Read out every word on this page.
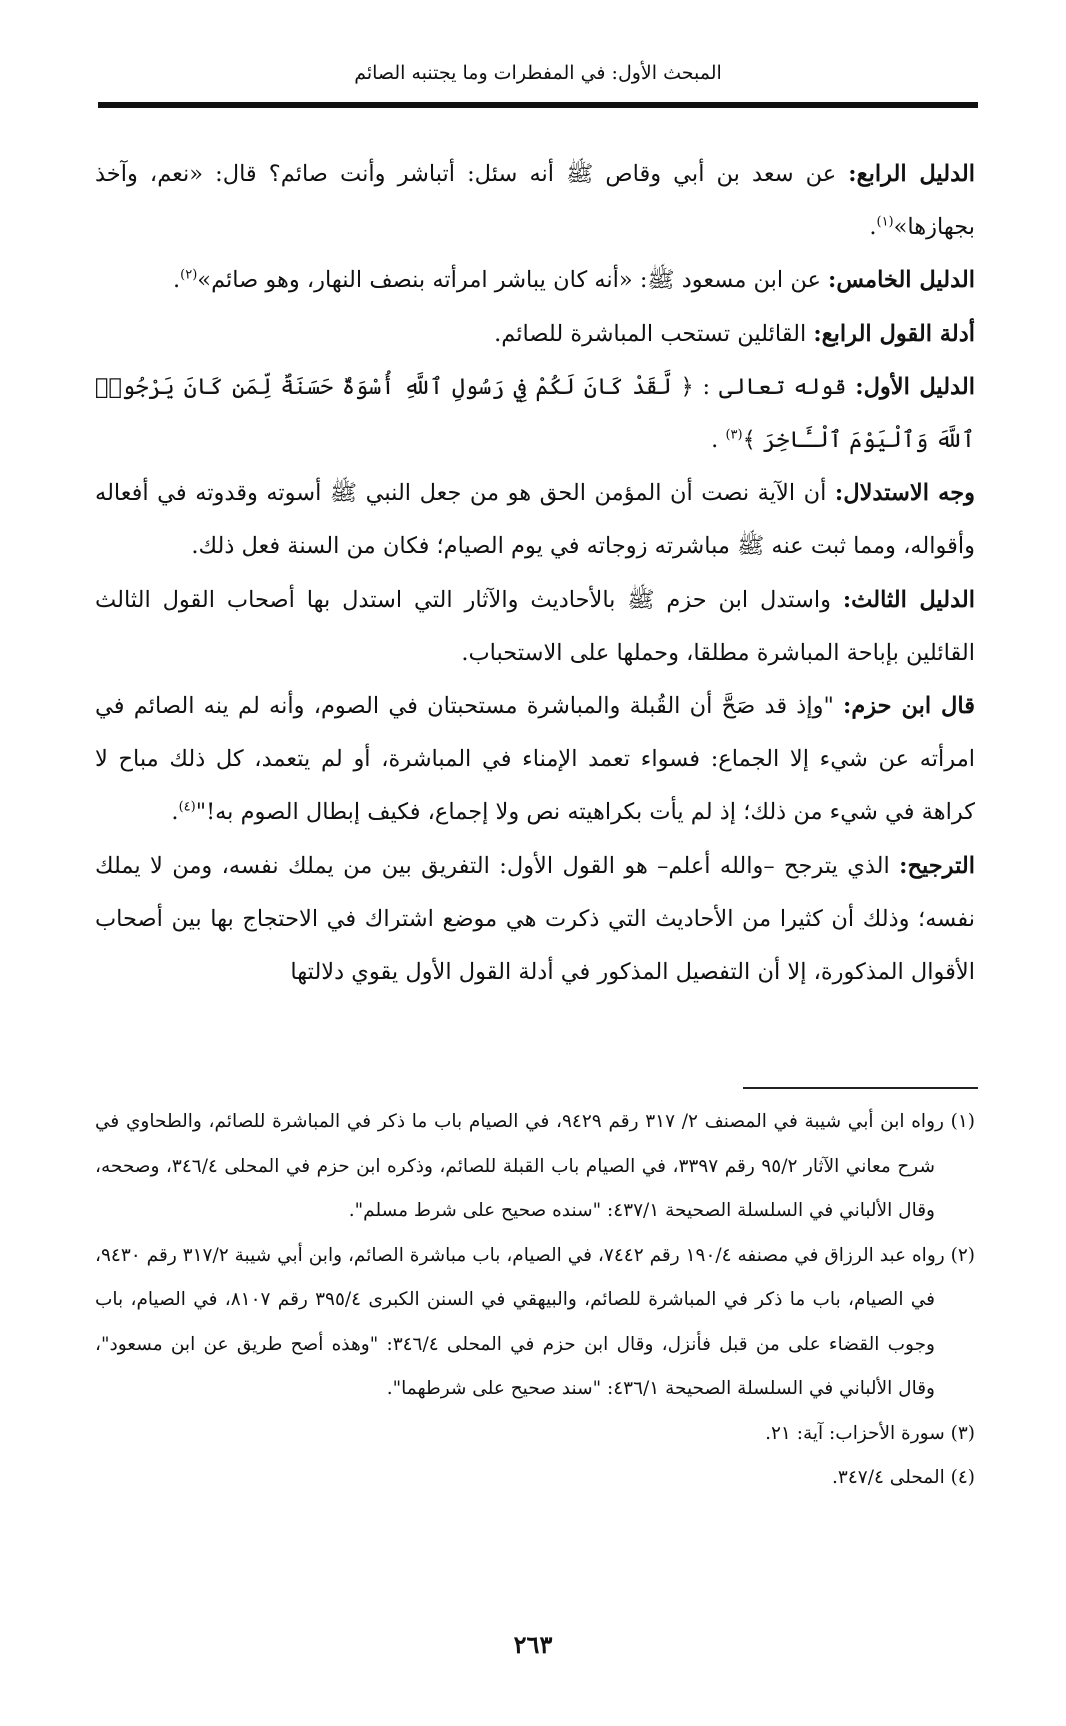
المبحث الأول: في المفطرات وما يجتنبه الصائم

الدليل الرابع: عن سعد بن أبي وقاص ﷺ أنه سئل: أتباشر وأنت صائم؟ قال: «نعم، وآخذ بجهازها»$^{(١)}$.

الدليل الخامس: عن ابن مسعود ﷺ: «أنه كان يباشر امرأته بنصف النهار، وهو صائم»$^{(٢)}$.

أدلة القول الرابع: القائلين تستحب المباشرة للصائم.

الدليل الأول: قوله تعالى : ﴿ لَّقَدْ كَانَ لَكُمْ فِي رَسُولِ ٱللَّهِ أُسْوَةٌ حَسَنَةٌ لِّمَن كَانَ يَرْجُوا۟ ٱللَّهَ وَٱلْيَوْمَ ٱلْـَٔاخِرَ ﴾$^{(٣)}$ .

وجه الاستدلال: أن الآية نصت أن المؤمن الحق هو من جعل النبي ﷺ أسوته وقدوته في أفعاله وأقواله، ومما ثبت عنه ﷺ مباشرته زوجاته في يوم الصيام؛ فكان من السنة فعل ذلك.

الدليل الثالث: واستدل ابن حزم ﷺ بالأحاديث والآثار التي استدل بها أصحاب القول الثالث القائلين بإباحة المباشرة مطلقا، وحملها على الاستحباب.

قال ابن حزم: "وإذ قد صَحَّ أن القُبلة والمباشرة مستحبتان في الصوم، وأنه لم ينه الصائم في امرأته عن شيء إلا الجماع: فسواء تعمد الإمناء في المباشرة، أو لم يتعمد، كل ذلك مباح لا كراهة في شيء من ذلك؛ إذ لم يأت بكراهيته نص ولا إجماع، فكيف إبطال الصوم به!"$^{(٤)}$.

الترجيح: الذي يترجح –والله أعلم– هو القول الأول: التفريق بين من يملك نفسه، ومن لا يملك نفسه؛ وذلك أن كثيرا من الأحاديث التي ذكرت هي موضع اشتراك في الاحتجاج بها بين أصحاب الأقوال المذكورة، إلا أن التفصيل المذكور في أدلة القول الأول يقوي دلالتها

(١) رواه ابن أبي شيبة في المصنف ٢/ ٣١٧ رقم ٩٤٢٩، في الصيام باب ما ذكر في المباشرة للصائم، والطحاوي في شرح معاني الآثار ٩٥/٢ رقم ٣٣٩٧، في الصيام باب القبلة للصائم، وذكره ابن حزم في المحلى ٣٤٦/٤، وصححه، وقال الألباني في السلسلة الصحيحة ٤٣٧/١: "سنده صحيح على شرط مسلم".

(٢) رواه عبد الرزاق في مصنفه ١٩٠/٤ رقم ٧٤٤٢، في الصيام، باب مباشرة الصائم، وابن أبي شيبة ٣١٧/٢ رقم ٩٤٣٠، في الصيام، باب ما ذكر في المباشرة للصائم، والبيهقي في السنن الكبرى ٣٩٥/٤ رقم ٨١٠٧، في الصيام، باب وجوب القضاء على من قبل فأنزل، وقال ابن حزم في المحلى ٣٤٦/٤: "وهذه أصح طريق عن ابن مسعود"، وقال الألباني في السلسلة الصحيحة ٤٣٦/١: "سند صحيح على شرطهما".

(٣) سورة الأحزاب: آية: ٢١.

(٤) المحلى ٣٤٧/٤.

٢٦٣
